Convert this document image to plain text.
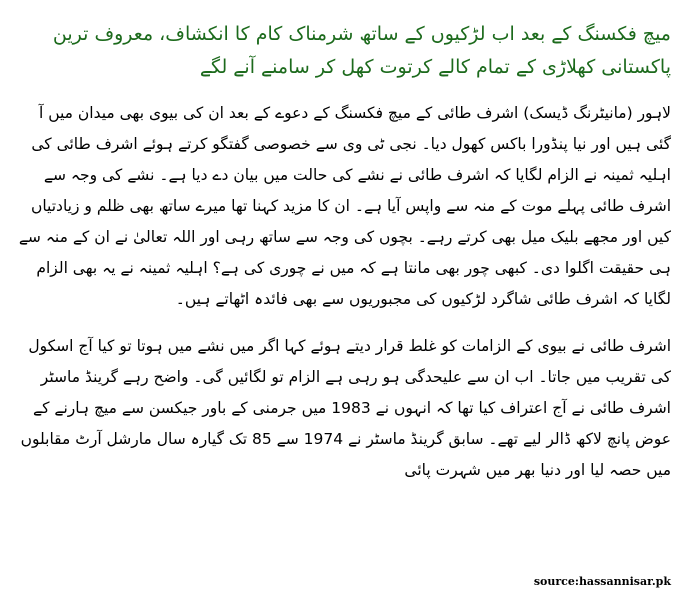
میچ فکسنگ کے بعد اب لڑکیوں کے ساتھ شرمناک کام کا انکشاف، معروف ترین پاکستانی کھلاڑی کے تمام کالے کرتوت کھل کر سامنے آنے لگے

لاہور (مانیٹرنگ ڈیسک) اشرف طائی کے میچ فکسنگ کے دعوے کے بعد ان کی بیوی بھی میدان میں آ گئی ہیں اور نیا پنڈورا باکس کھول دیا۔ نجی ٹی وی سے خصوصی گفتگو کرتے ہوئے اشرف طائی کی اہلیہ ثمینہ نے الزام لگایا کہ اشرف طائی نے نشے کی حالت میں بیان دے دیا ہے۔ نشے کی وجہ سے اشرف طائی پہلے موت کے منہ سے واپس آیا ہے۔ ان کا مزید کہنا تھا میرے ساتھ بھی ظلم و زیادتیاں کیں اور مجھے بلیک میل بھی کرتے رہے۔ بچوں کی وجہ سے ساتھ رہی اور اللہ تعالیٰ نے ان کے منہ سے ہی حقیقت اگلوا دی۔ کبھی چور بھی مانتا ہے کہ میں نے چوری کی ہے؟ اہلیہ ثمینہ نے یہ بھی الزام لگایا کہ اشرف طائی شاگرد لڑکیوں کی مجبوریوں سے بھی فائدہ اٹھاتے ہیں۔

اشرف طائی نے بیوی کے الزامات کو غلط قرار دیتے ہوئے کہا اگر میں نشے میں ہوتا تو کیا آج اسکول کی تقریب میں جاتا۔ اب ان سے علیحدگی ہو رہی ہے الزام تو لگائیں گی۔ واضح رہے گرینڈ ماسٹر اشرف طائی نے آج اعتراف کیا تھا کہ انہوں نے 1983 میں جرمنی کے باور جیکسن سے میچ ہارنے کے عوض پانچ لاکھ ڈالر لیے تھے۔ سابق گرینڈ ماسٹر نے 1974 سے 85 تک گیارہ سال مارشل آرٹ مقابلوں میں حصہ لیا اور دنیا بھر میں شہرت پائی

source:hassannisar.pk
